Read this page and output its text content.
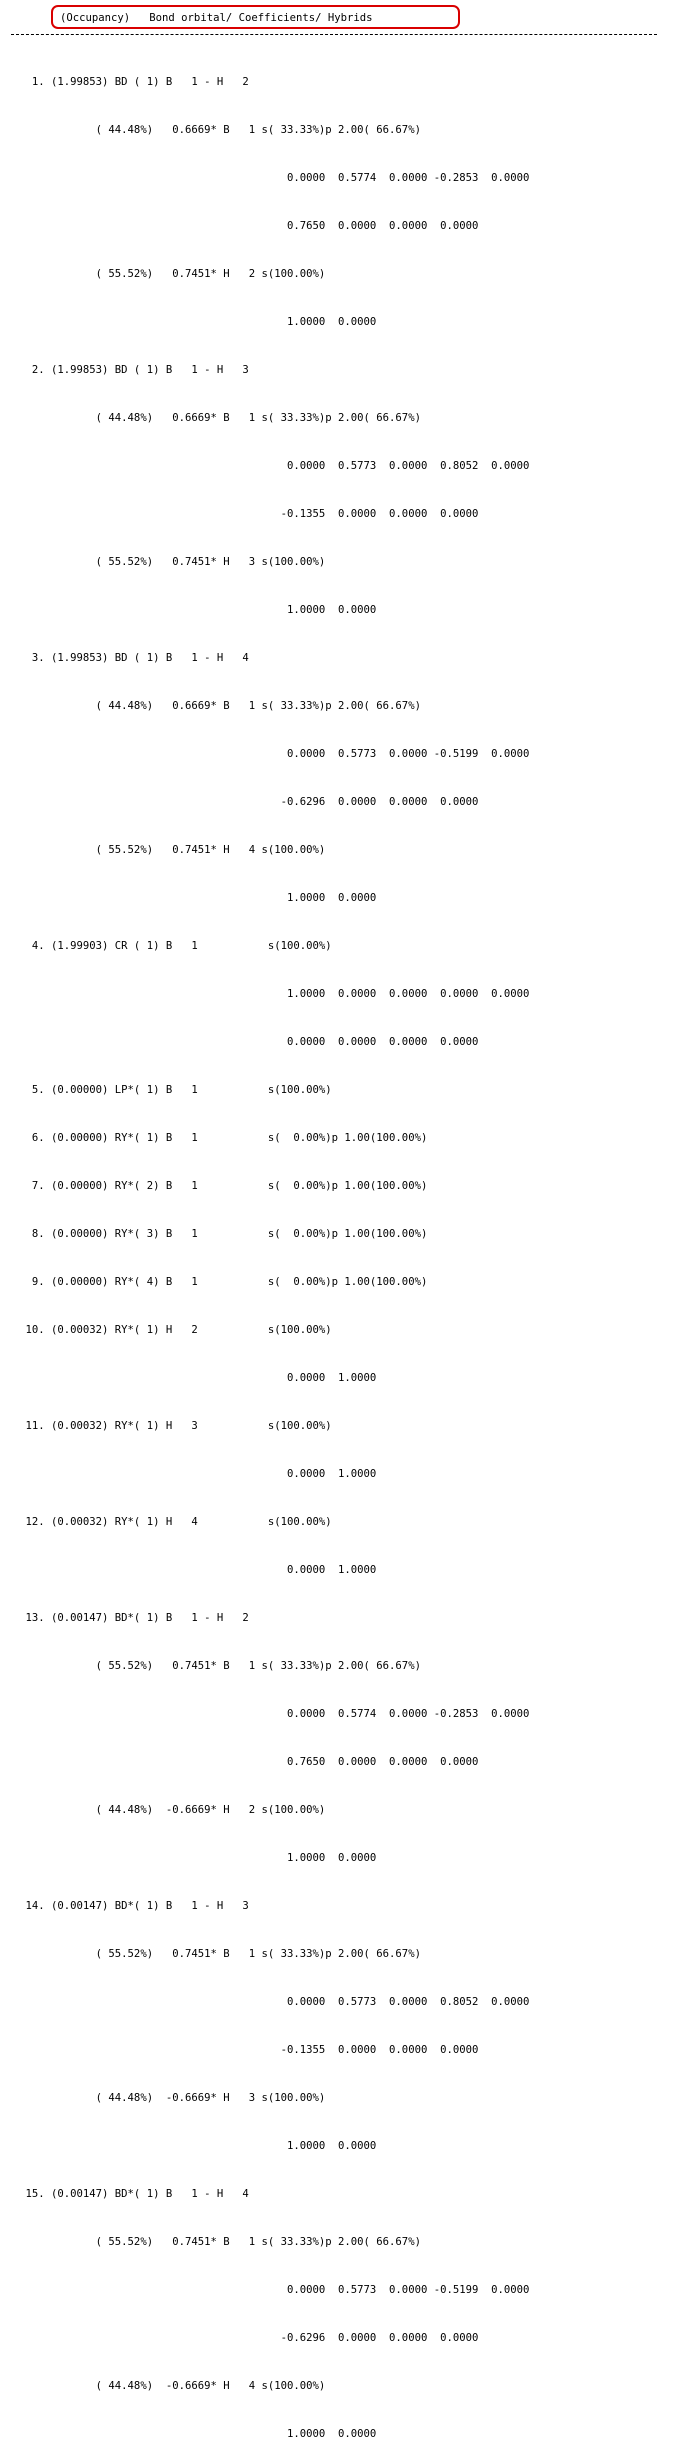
(Occupancy)   Bond orbital/ Coefficients/ Hybrids

1. (1.99853) BD ( 1) B   1 - H   2

( 44.48%)   0.6669* B   1 s( 33.33%)p 2.00( 66.67%)

0.0000  0.5774  0.0000 -0.2853  0.0000

0.7650  0.0000  0.0000  0.0000

( 55.52%)   0.7451* H   2 s(100.00%)

1.0000  0.0000

2. (1.99853) BD ( 1) B   1 - H   3

( 44.48%)   0.6669* B   1 s( 33.33%)p 2.00( 66.67%)

0.0000  0.5773  0.0000  0.8052  0.0000

-0.1355  0.0000  0.0000  0.0000

( 55.52%)   0.7451* H   3 s(100.00%)

1.0000  0.0000

3. (1.99853) BD ( 1) B   1 - H   4

( 44.48%)   0.6669* B   1 s( 33.33%)p 2.00( 66.67%)

0.0000  0.5773  0.0000 -0.5199  0.0000

-0.6296  0.0000  0.0000  0.0000

( 55.52%)   0.7451* H   4 s(100.00%)

1.0000  0.0000

4. (1.99903) CR ( 1) B   1           s(100.00%)

1.0000  0.0000  0.0000  0.0000  0.0000

0.0000  0.0000  0.0000  0.0000

5. (0.00000) LP*( 1) B   1           s(100.00%)

6. (0.00000) RY*( 1) B   1           s(  0.00%)p 1.00(100.00%)

7. (0.00000) RY*( 2) B   1           s(  0.00%)p 1.00(100.00%)

8. (0.00000) RY*( 3) B   1           s(  0.00%)p 1.00(100.00%)

9. (0.00000) RY*( 4) B   1           s(  0.00%)p 1.00(100.00%)

10. (0.00032) RY*( 1) H   2           s(100.00%)

0.0000  1.0000

11. (0.00032) RY*( 1) H   3           s(100.00%)

0.0000  1.0000

12. (0.00032) RY*( 1) H   4           s(100.00%)

0.0000  1.0000

13. (0.00147) BD*( 1) B   1 - H   2

( 55.52%)   0.7451* B   1 s( 33.33%)p 2.00( 66.67%)

0.0000  0.5774  0.0000 -0.2853  0.0000

0.7650  0.0000  0.0000  0.0000

( 44.48%)  -0.6669* H   2 s(100.00%)

1.0000  0.0000

14. (0.00147) BD*( 1) B   1 - H   3

( 55.52%)   0.7451* B   1 s( 33.33%)p 2.00( 66.67%)

0.0000  0.5773  0.0000  0.8052  0.0000

-0.1355  0.0000  0.0000  0.0000

( 44.48%)  -0.6669* H   3 s(100.00%)

1.0000  0.0000

15. (0.00147) BD*( 1) B   1 - H   4

( 55.52%)   0.7451* B   1 s( 33.33%)p 2.00( 66.67%)

0.0000  0.5773  0.0000 -0.5199  0.0000

-0.6296  0.0000  0.0000  0.0000

( 44.48%)  -0.6669* H   4 s(100.00%)

1.0000  0.0000
